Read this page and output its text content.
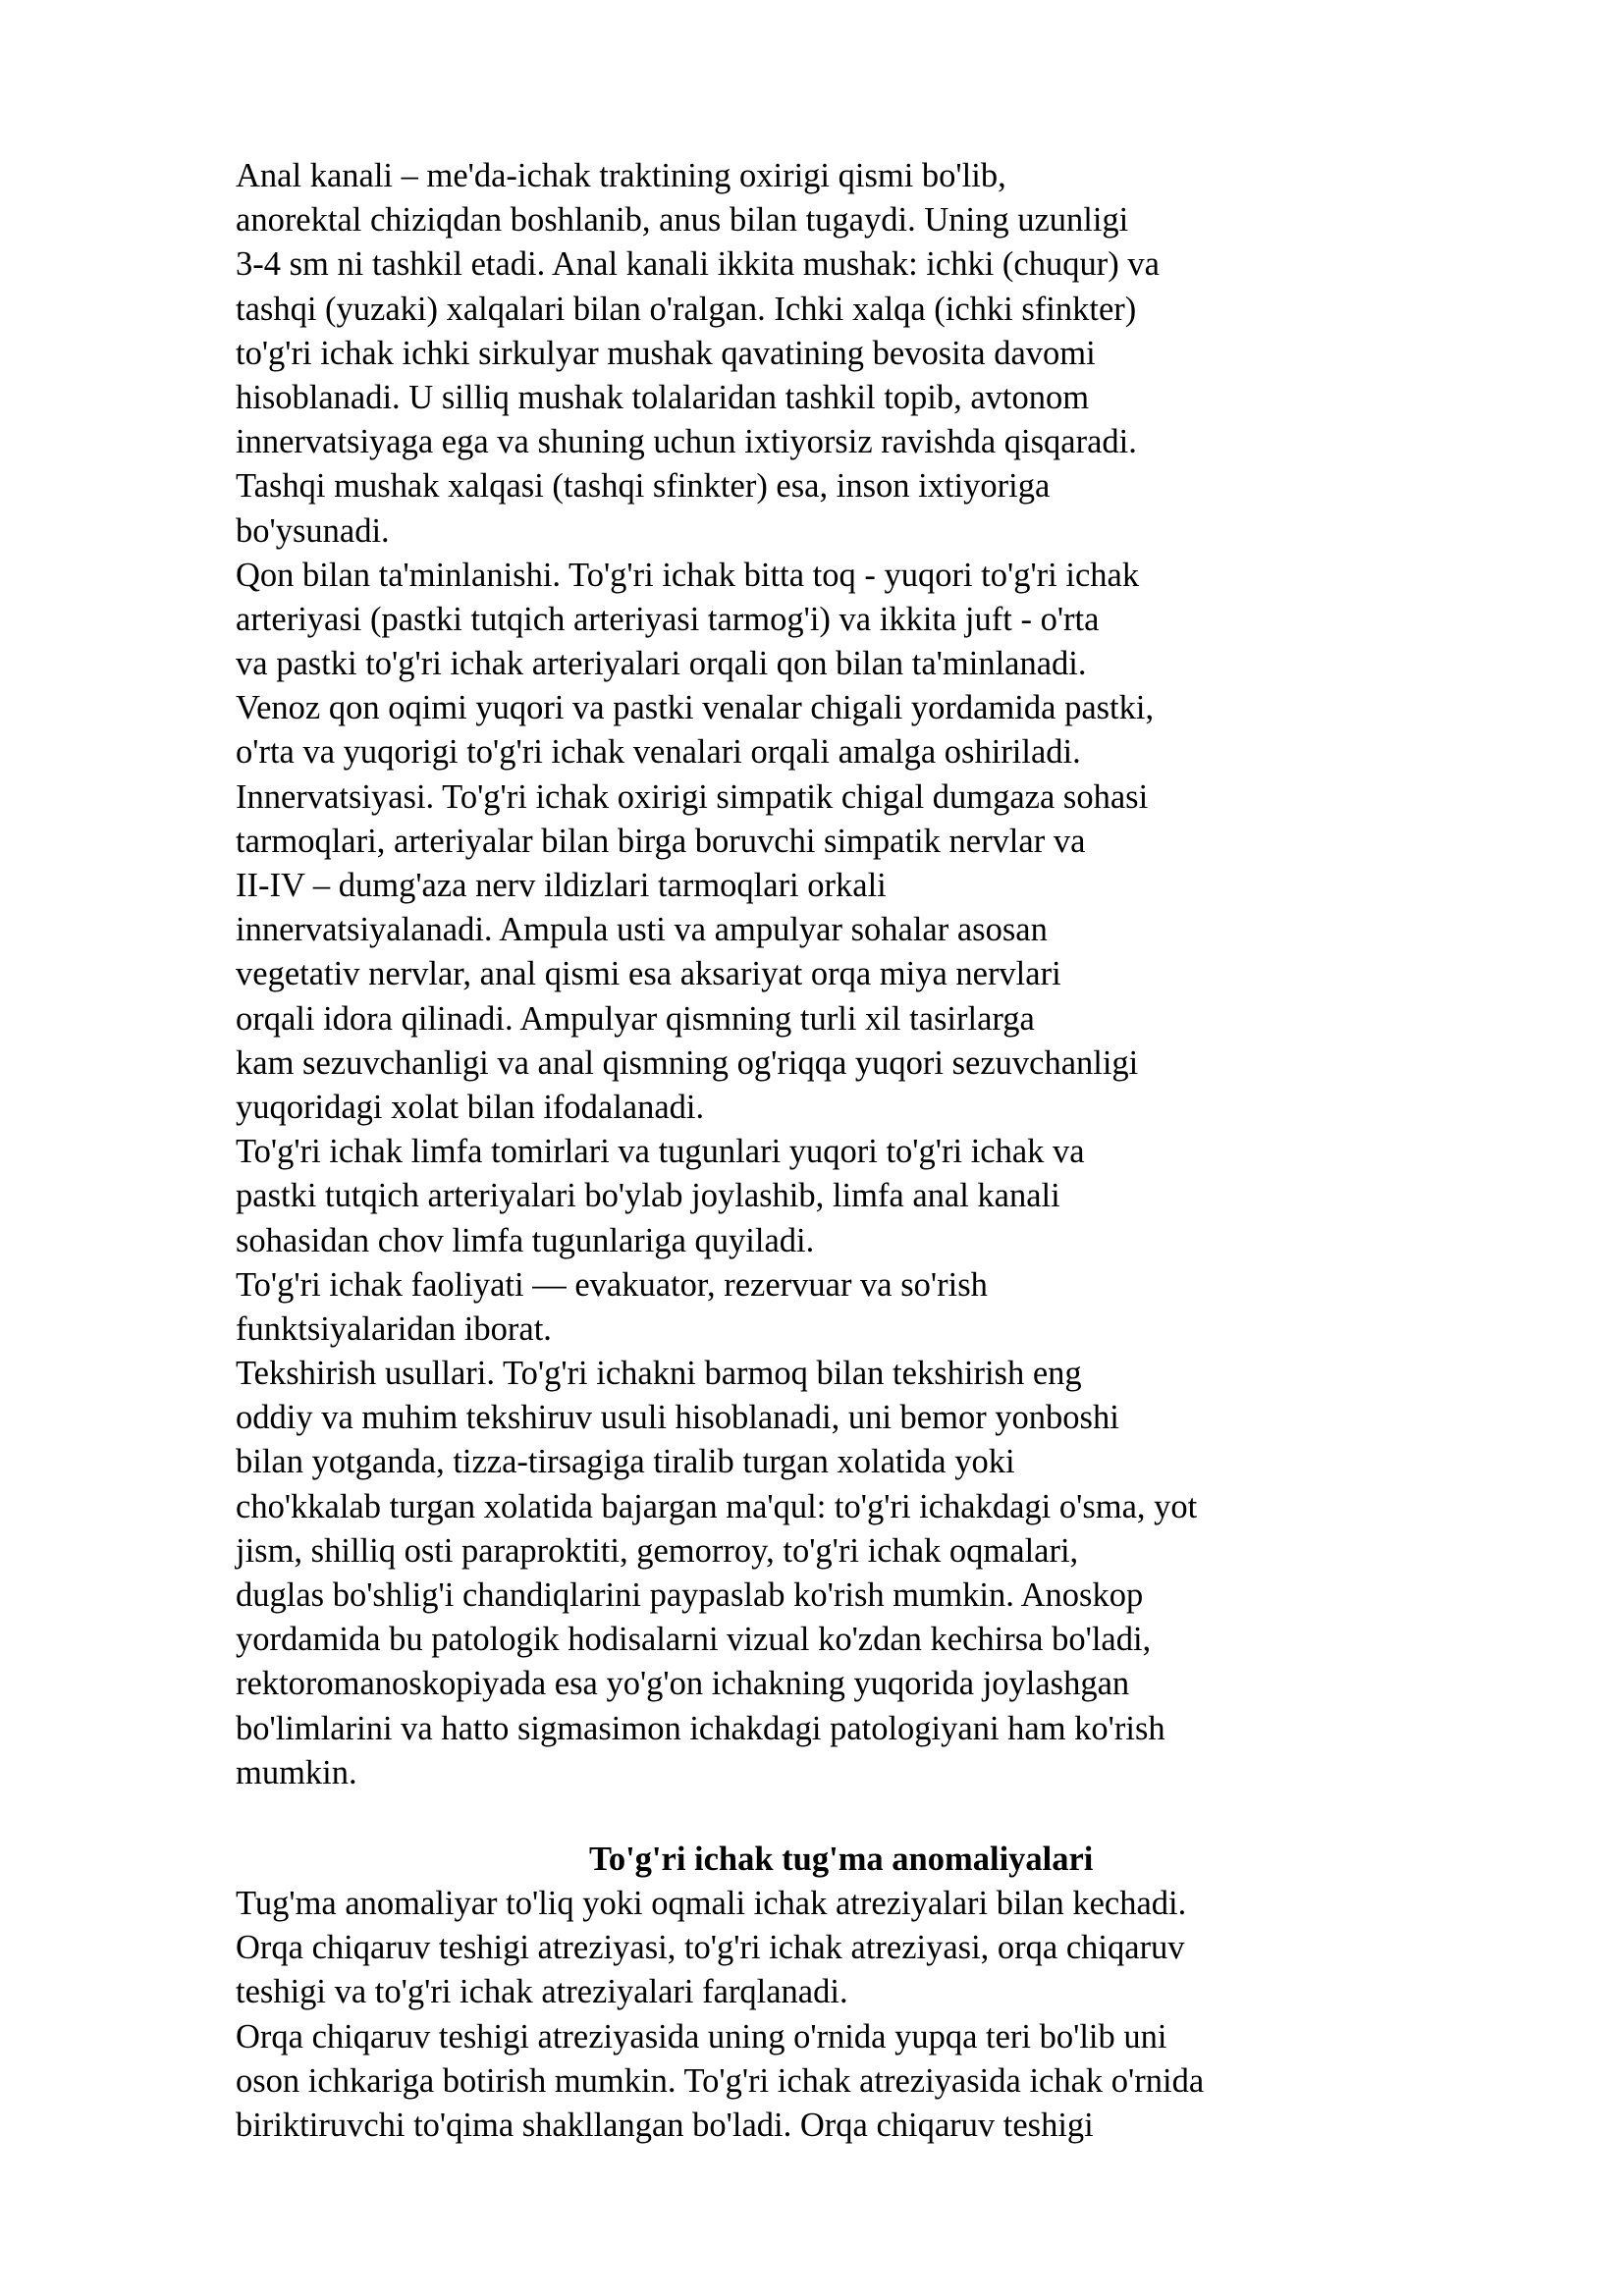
Anal kanali – me'da-ichak traktining oxirigi qismi bo'lib,
anorektal chiziqdan boshlanib, anus bilan tugaydi. Uning uzunligi
3-4 sm ni tashkil etadi. Anal kanali ikkita mushak: ichki (chuqur) va
tashqi (yuzaki) xalqalari bilan o'ralgan. Ichki xalqa (ichki sfinkter)
to'g'ri ichak ichki sirkulyar mushak qavatining bevosita davomi
hisoblanadi. U silliq mushak tolalaridan tashkil topib, avtonom
innervatsiyaga ega va shuning uchun ixtiyorsiz ravishda qisqaradi.
Tashqi mushak xalqasi (tashqi sfinkter) esa, inson ixtiyoriga
bo'ysunadi.
Qon bilan ta'minlanishi. To'g'ri ichak bitta toq - yuqori to'g'ri ichak
arteriyasi (pastki tutqich arteriyasi tarmog'i) va ikkita juft - o'rta
va pastki to'g'ri ichak arteriyalari orqali qon bilan ta'minlanadi.
Venoz qon oqimi yuqori va pastki venalar chigali yordamida pastki,
o'rta va yuqorigi to'g'ri ichak venalari orqali amalga oshiriladi.
Innervatsiyasi. To'g'ri ichak oxirigi simpatik chigal dumgaza sohasi
tarmoqlari, arteriyalar bilan birga boruvchi simpatik nervlar va
II-IV – dumg'aza nerv ildizlari tarmoqlari orkali
innervatsiyalanadi. Ampula usti va ampulyar sohalar asosan
vegetativ nervlar, anal qismi esa aksariyat orqa miya nervlari
orqali idora qilinadi. Ampulyar qismning turli xil tasirlarga
kam sezuvchanligi va anal qismning og'riqqa yuqori sezuvchanligi
yuqoridagi xolat bilan ifodalanadi.
To'g'ri ichak limfa tomirlari va tugunlari yuqori to'g'ri ichak va
pastki tutqich arteriyalari bo'ylab joylashib, limfa anal kanali
sohasidan chov limfa tugunlariga quyiladi.
To'g'ri ichak faoliyati — evakuator, rezervuar va so'rish
funktsiyalaridan iborat.
Tekshirish usullari. To'g'ri ichakni barmoq bilan tekshirish eng
oddiy va muhim tekshiruv usuli hisoblanadi, uni bemor yonboshi
bilan yotganda, tizza-tirsagiga tiralib turgan xolatida yoki
cho'kkalab turgan xolatida bajargan ma'qul: to'g'ri ichakdagi o'sma, yot
jism, shilliq osti paraproktiti, gemorroy, to'g'ri ichak oqmalari,
duglas bo'shlig'i chandiqlarini paypaslab ko'rish mumkin. Anoskop
yordamida bu patologik hodisalarni vizual ko'zdan kechirsa bo'ladi,
rektoromanoskopiyada esa yo'g'on ichakning yuqorida joylashgan
bo'limlarini va hatto sigmasimon ichakdagi patologiyani ham ko'rish
mumkin.
To'g'ri ichak tug'ma anomaliyalari
Tug'ma anomaliyar to'liq yoki oqmali ichak atreziyalari bilan kechadi.
Orqa chiqaruv teshigi atreziyasi, to'g'ri ichak atreziyasi, orqa chiqaruv
teshigi va to'g'ri ichak atreziyalari farqlanadi.
Orqa chiqaruv teshigi atreziyasida uning o'rnida yupqa teri bo'lib uni
oson ichkariga botirish mumkin. To'g'ri ichak atreziyasida ichak o'rnida
biriktiruvchi to'qima shakllangan bo'ladi. Orqa chiqaruv teshigi
